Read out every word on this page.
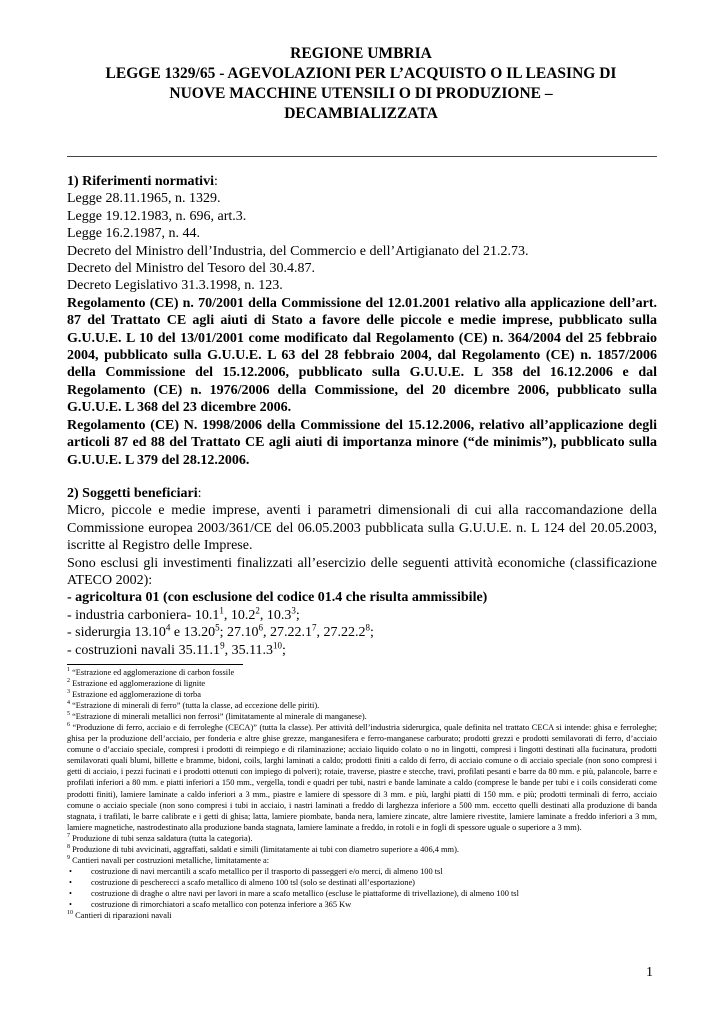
REGIONE UMBRIA
LEGGE 1329/65 - AGEVOLAZIONI PER L’ACQUISTO O IL LEASING DI
NUOVE MACCHINE UTENSILI O DI PRODUZIONE –
DECAMBIALIZZATA

1) Riferimenti normativi:

Legge 28.11.1965, n. 1329.

Legge 19.12.1983, n. 696, art.3.

Legge 16.2.1987, n. 44.

Decreto del Ministro dell’Industria, del Commercio e dell’Artigianato del 21.2.73.

Decreto del Ministro del Tesoro del 30.4.87.

Decreto Legislativo 31.3.1998, n. 123.

Regolamento (CE) n. 70/2001 della Commissione del 12.01.2001 relativo alla applicazione dell’art. 87 del Trattato CE agli aiuti di Stato a favore delle piccole e medie imprese, pubblicato sulla G.U.U.E. L 10 del 13/01/2001 come modificato dal Regolamento (CE) n. 364/2004 del 25 febbraio 2004, pubblicato sulla G.U.U.E. L 63 del 28 febbraio 2004, dal Regolamento (CE) n. 1857/2006 della Commissione del 15.12.2006, pubblicato sulla G.U.U.E. L 358 del 16.12.2006 e dal Regolamento (CE) n. 1976/2006 della Commissione, del 20 dicembre 2006, pubblicato sulla G.U.U.E. L 368 del 23 dicembre 2006.

Regolamento (CE) N. 1998/2006 della Commissione del 15.12.2006, relativo all’applicazione degli articoli 87 ed 88 del Trattato CE agli aiuti di importanza minore (“de minimis”), pubblicato sulla G.U.U.E. L 379 del 28.12.2006.

2) Soggetti beneficiari:

Micro, piccole e medie imprese, aventi i parametri dimensionali di cui alla raccomandazione della Commissione europea 2003/361/CE del 06.05.2003 pubblicata sulla G.U.U.E. n. L 124 del 20.05.2003, iscritte al Registro delle Imprese.

Sono esclusi gli investimenti finalizzati all’esercizio delle seguenti attività economiche (classificazione ATECO 2002):

- agricoltura 01 (con esclusione del codice 01.4 che risulta ammissibile)

- industria carboniera- 10.1$^1$, 10.2$^2$, 10.3$^3$;

- siderurgia 13.10$^4$ e 13.20$^5$; 27.10$^6$, 27.22.1$^7$, 27.22.2$^8$;

- costruzioni navali 35.11.1$^9$, 35.11.3$^{10}$;

$^1$ “Estrazione ed agglomerazione di carbon fossile

$^2$ Estrazione ed agglomerazione di lignite

$^3$ Estrazione ed agglomerazione di torba

$^4$ “Estrazione di minerali di ferro” (tutta la classe, ad eccezione delle piriti).

$^5$ “Estrazione di minerali metallici non ferrosi” (limitatamente al minerale di manganese).

$^6$ “Produzione di ferro, acciaio e di ferroleghe (CECA)” (tutta la classe). Per attività dell’industria siderurgica, quale definita nel trattato CECA si intende: ghisa e ferroleghe; ghisa per la produzione dell’acciaio, per fonderia e altre ghise grezze, manganesifera e ferro-manganese carburato; prodotti grezzi e prodotti semilavorati di ferro, d’acciaio comune o d’acciaio speciale, compresi i prodotti di reimpiego e di rilaminazione; acciaio liquido colato o no in lingotti, compresi i lingotti destinati alla fucinatura, prodotti semilavorati quali blumi, billette e bramme, bidoni, coils, larghi laminati a caldo; prodotti finiti a caldo di ferro, di acciaio comune o di acciaio speciale (non sono compresi i getti di acciaio, i pezzi fucinati e i prodotti ottenuti con impiego di polveri); rotaie, traverse, piastre e stecche, travi, profilati pesanti e barre da 80 mm. e più, palancole, barre e profilati inferiori a 80 mm. e piatti inferiori a 150 mm., vergella, tondi e quadri per tubi, nastri e bande laminate a caldo (comprese le bande per tubi e i coils considerati come prodotti finiti), lamiere laminate a caldo inferiori a 3 mm., piastre e lamiere di spessore di 3 mm. e più, larghi piatti di 150 mm. e più; prodotti terminali di ferro, acciaio comune o acciaio speciale (non sono compresi i tubi in acciaio, i nastri laminati a freddo di larghezza inferiore a 500 mm. eccetto quelli destinati alla produzione di banda stagnata, i trafilati, le barre calibrate e i getti di ghisa; latta, lamiere piombate, banda nera, lamiere zincate, altre lamiere rivestite, lamiere laminate a freddo inferiori a 3 mm, lamiere magnetiche, nastrodestinato alla produzione banda stagnata, lamiere laminate a freddo, in rotoli e in fogli di spessore uguale o superiore a 3 mm).

$^7$ Produzione di tubi senza saldatura (tutta la categoria).

$^8$ Produzione di tubi avvicinati, aggraffati, saldati e simili (limitatamente ai tubi con diametro superiore a 406,4 mm).

$^9$ Cantieri navali per costruzioni metalliche, limitatamente a:

• costruzione di navi mercantili a scafo metallico per il trasporto di passeggeri e/o merci, di almeno 100 tsl

• costruzione di pescherecci a scafo metallico di almeno 100 tsl (solo se destinati all’esportazione)

• costruzione di draghe o altre navi per lavori in mare a scafo metallico (escluse le piattaforme di trivellazione), di almeno 100 tsl

• costruzione di rimorchiatori a scafo metallico con potenza inferiore a 365 Kw

$^{10}$ Cantieri di riparazioni navali

1
